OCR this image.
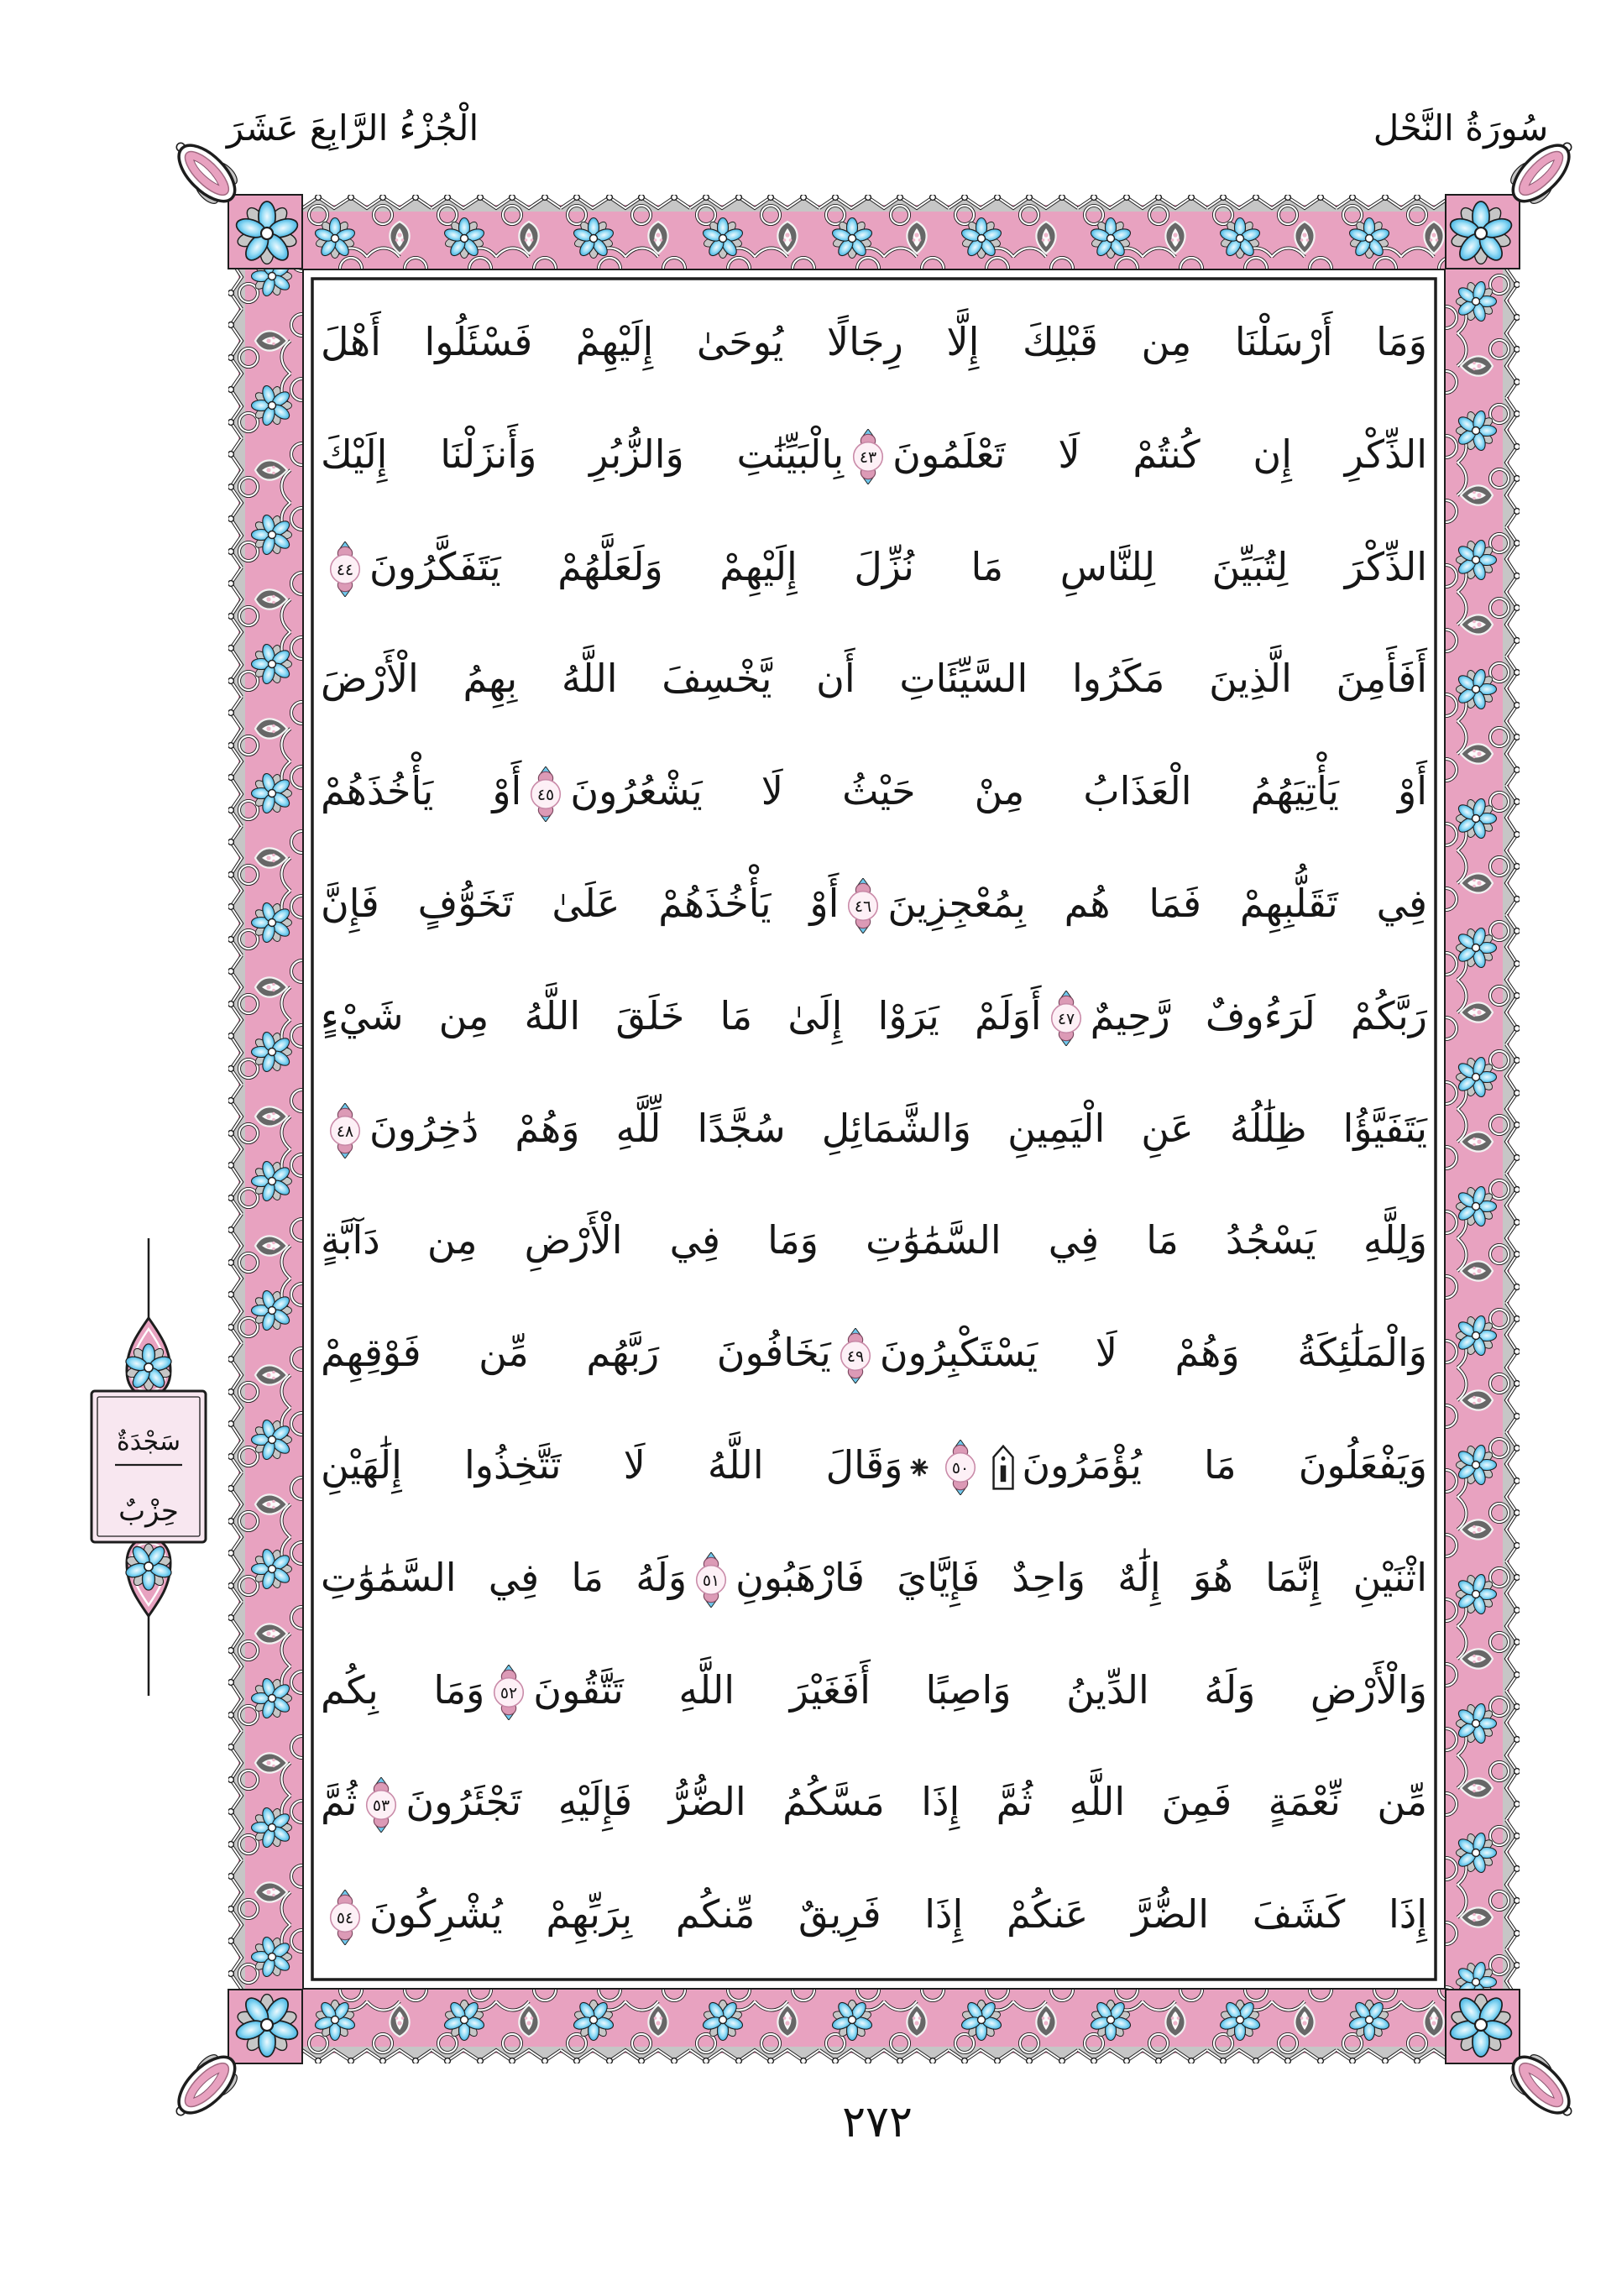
الْجُزْءُ الرَّابِعَ عَشَرَ	سُورَةُ النَّحْل
سَجْدَةٌ
حِزْبٌ
وَمَا أَرْسَلْنَا مِن قَبْلِكَ إِلَّا رِجَالًا يُوحَىٰ إِلَيْهِمْ فَسْئَلُوا أَهْلَ
الذِّكْرِ إِن كُنتُمْ لَا تَعْلَمُونَ
٤٣
بِالْبَيِّنَٰتِ وَالزُّبُرِ وَأَنزَلْنَا إِلَيْكَ
الذِّكْرَ لِتُبَيِّنَ لِلنَّاسِ مَا نُزِّلَ إِلَيْهِمْ وَلَعَلَّهُمْ يَتَفَكَّرُونَ
٤٤
أَفَأَمِنَ الَّذِينَ مَكَرُوا السَّيِّئَاتِ أَن يَّخْسِفَ اللَّهُ بِهِمُ الْأَرْضَ
أَوْ يَأْتِيَهُمُ الْعَذَابُ مِنْ حَيْثُ لَا يَشْعُرُونَ
٤٥
أَوْ يَأْخُذَهُمْ
فِي تَقَلُّبِهِمْ فَمَا هُم بِمُعْجِزِينَ
٤٦
أَوْ يَأْخُذَهُمْ عَلَىٰ تَخَوُّفٍ فَإِنَّ
رَبَّكُمْ لَرَءُوفٌ رَّحِيمٌ
٤٧
أَوَلَمْ يَرَوْا إِلَىٰ مَا خَلَقَ اللَّهُ مِن شَيْءٍ
يَتَفَيَّؤُا ظِلَٰلُهُ عَنِ الْيَمِينِ وَالشَّمَائِلِ سُجَّدًا لِّلَّهِ وَهُمْ دَٰخِرُونَ
٤٨
وَلِلَّهِ يَسْجُدُ مَا فِي السَّمَٰوَٰتِ وَمَا فِي الْأَرْضِ مِن دَآبَّةٍ
وَالْمَلَٰئِكَةُ وَهُمْ لَا يَسْتَكْبِرُونَ
٤٩
يَخَافُونَ رَبَّهُم مِّن فَوْقِهِمْ
وَيَفْعَلُونَ مَا يُؤْمَرُونَ
٥٠
وَقَالَ اللَّهُ لَا تَتَّخِذُوا إِلَٰهَيْنِ
اثْنَيْنِ إِنَّمَا هُوَ إِلَٰهٌ وَاحِدٌ فَإِيَّايَ فَارْهَبُونِ
٥١
وَلَهُ مَا فِي السَّمَٰوَٰتِ
وَالْأَرْضِ وَلَهُ الدِّينُ وَاصِبًا أَفَغَيْرَ اللَّهِ تَتَّقُونَ
٥٢
وَمَا بِكُم
مِّن نِّعْمَةٍ فَمِنَ اللَّهِ ثُمَّ إِذَا مَسَّكُمُ الضُّرُّ فَإِلَيْهِ تَجْئَرُونَ
٥٣
ثُمَّ
إِذَا كَشَفَ الضُّرَّ عَنكُمْ إِذَا فَرِيقٌ مِّنكُم بِرَبِّهِمْ يُشْرِكُونَ
٥٤
٢٧٢
